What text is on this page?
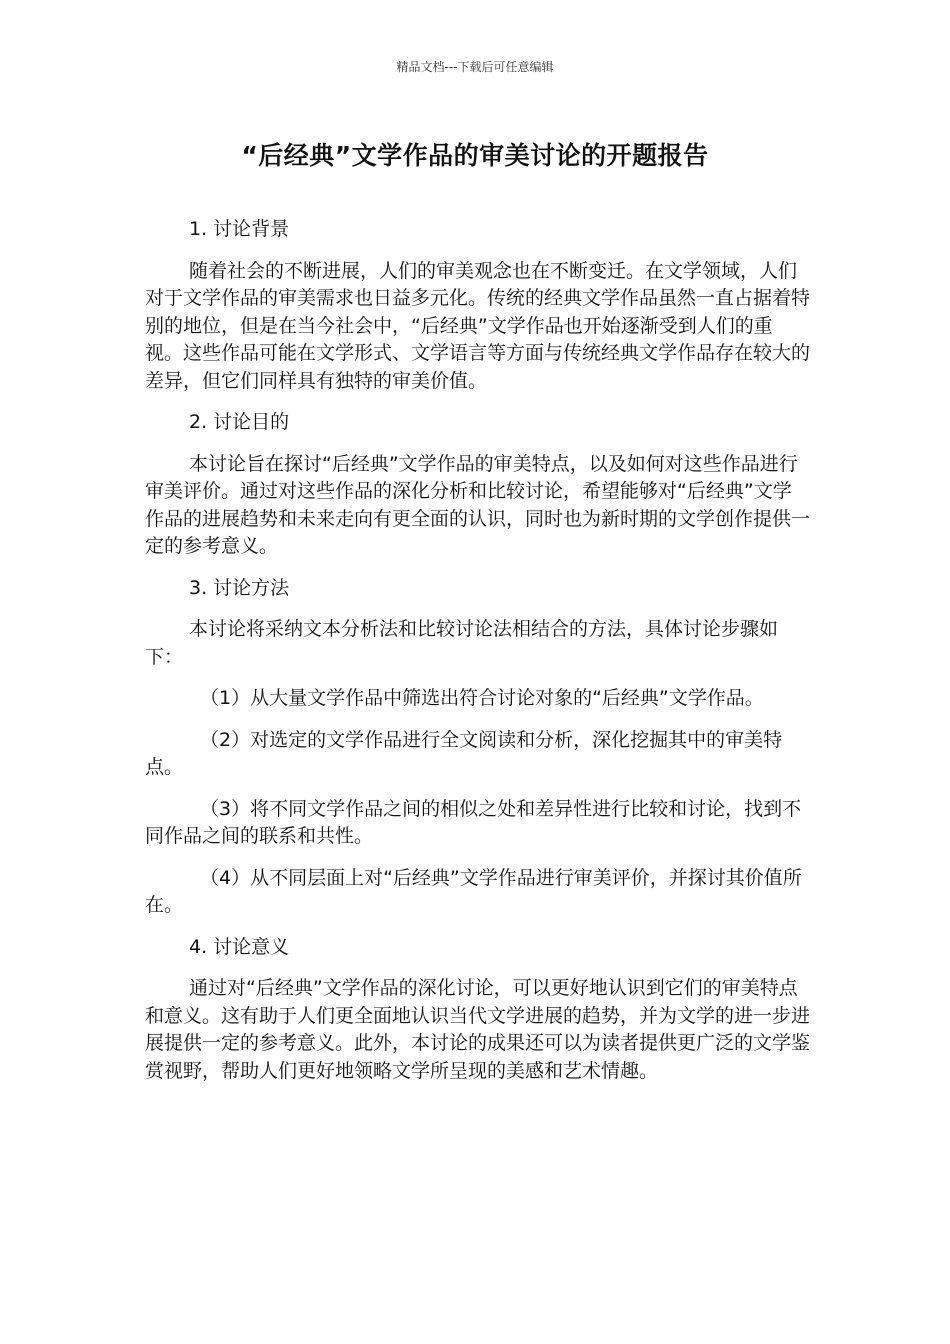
精品文档---下载后可任意编辑
“后经典”文学作品的审美讨论的开题报告
1. 讨论背景

随着社会的不断进展，人们的审美观念也在不断变迁。在文学领域，人们对于文学作品的审美需求也日益多元化。传统的经典文学作品虽然一直占据着特别的地位，但是在当今社会中，“后经典”文学作品也开始逐渐受到人们的重视。这些作品可能在文学形式、文学语言等方面与传统经典文学作品存在较大的差异，但它们同样具有独特的审美价值。

2. 讨论目的

本讨论旨在探讨“后经典”文学作品的审美特点，以及如何对这些作品进行审美评价。通过对这些作品的深化分析和比较讨论，希望能够对“后经典”文学作品的进展趋势和未来走向有更全面的认识，同时也为新时期的文学创作提供一定的参考意义。

3. 讨论方法

本讨论将采纳文本分析法和比较讨论法相结合的方法，具体讨论步骤如下：

（1）从大量文学作品中筛选出符合讨论对象的“后经典”文学作品。

（2）对选定的文学作品进行全文阅读和分析，深化挖掘其中的审美特点。

（3）将不同文学作品之间的相似之处和差异性进行比较和讨论，找到不同作品之间的联系和共性。

（4）从不同层面上对“后经典”文学作品进行审美评价，并探讨其价值所在。

4. 讨论意义

通过对“后经典”文学作品的深化讨论，可以更好地认识到它们的审美特点和意义。这有助于人们更全面地认识当代文学进展的趋势，并为文学的进一步进展提供一定的参考意义。此外，本讨论的成果还可以为读者提供更广泛的文学鉴赏视野，帮助人们更好地领略文学所呈现的美感和艺术情趣。
